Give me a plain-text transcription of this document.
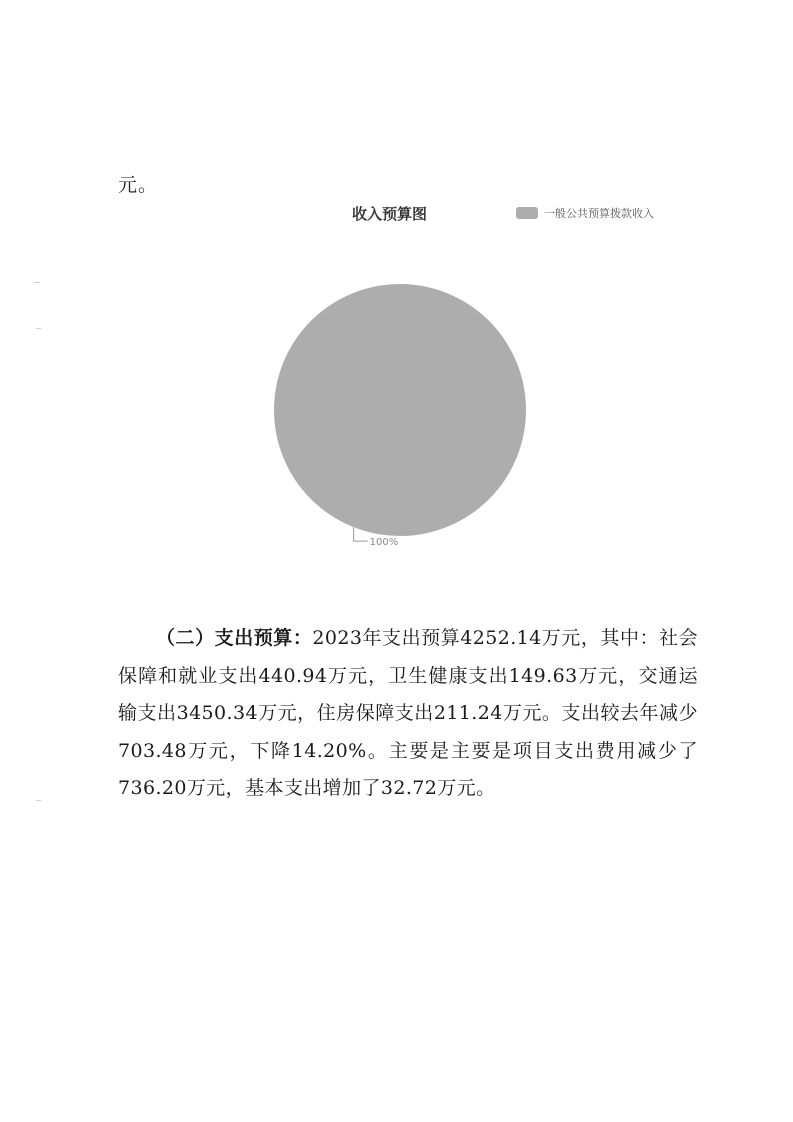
元。
收入预算图	一般公共预算拨款收入
100%

（二）支出预算：2023年支出预算4252.14万元，其中：社会保障和就业支出440.94万元，卫生健康支出149.63万元，交通运输支出3450.34万元，住房保障支出211.24万元。支出较去年减少703.48万元，下降14.20%。主要是主要是项目支出费用减少了736.20万元，基本支出增加了32.72万元。
